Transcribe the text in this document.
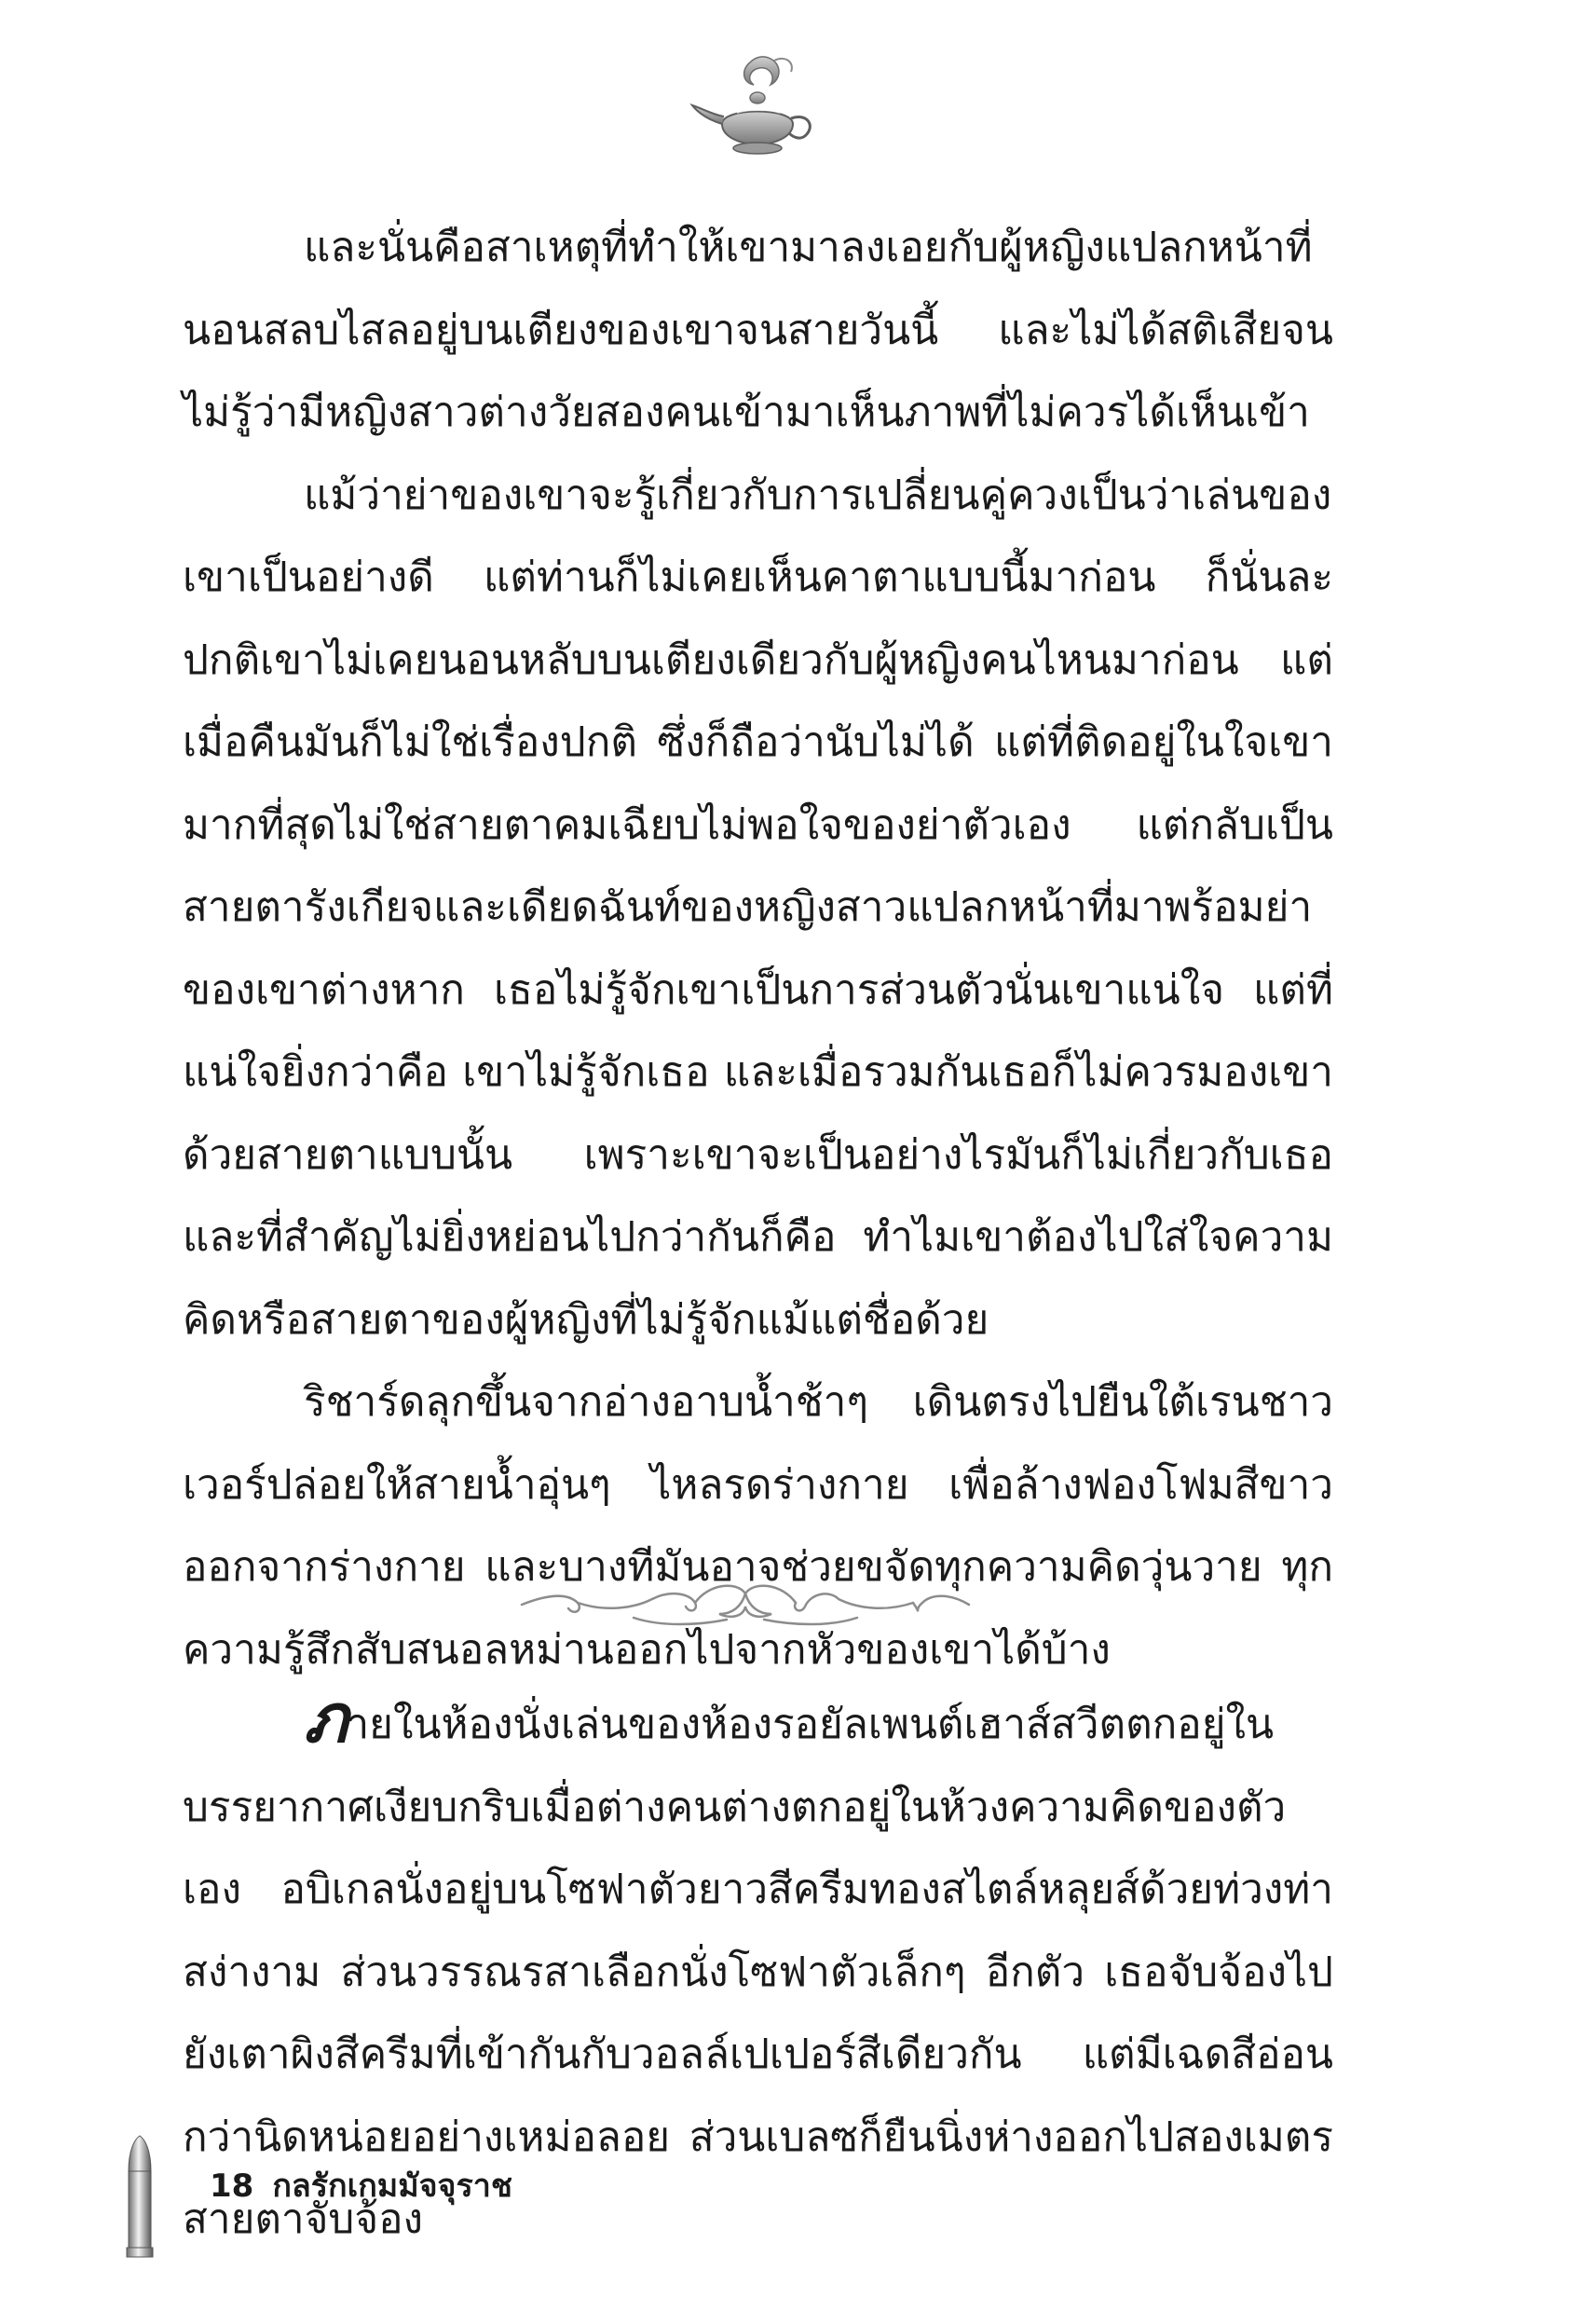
และนั่นคือสาเหตุที่ทำให้เขามาลงเอยกับผู้หญิงแปลกหน้าที่นอนสลบไสลอยู่บนเตียงของเขาจนสายวันนี้ และไม่ได้สติเสียจนไม่รู้ว่ามีหญิงสาวต่างวัยสองคนเข้ามาเห็นภาพที่ไม่ควรได้เห็นเข้า

แม้ว่าย่าของเขาจะรู้เกี่ยวกับการเปลี่ยนคู่ควงเป็นว่าเล่นของเขาเป็นอย่างดี แต่ท่านก็ไม่เคยเห็นคาตาแบบนี้มาก่อน ก็นั่นละ ปกติเขาไม่เคยนอนหลับบนเตียงเดียวกับผู้หญิงคนไหนมาก่อน แต่เมื่อคืนมันก็ไม่ใช่เรื่องปกติ ซึ่งก็ถือว่านับไม่ได้ แต่ที่ติดอยู่ในใจเขามากที่สุดไม่ใช่สายตาคมเฉียบไม่พอใจของย่าตัวเอง แต่กลับเป็นสายตารังเกียจและเดียดฉันท์ของหญิงสาวแปลกหน้าที่มาพร้อมย่าของเขาต่างหาก เธอไม่รู้จักเขาเป็นการส่วนตัวนั่นเขาแน่ใจ แต่ที่แน่ใจยิ่งกว่าคือ เขาไม่รู้จักเธอ และเมื่อรวมกันเธอก็ไม่ควรมองเขาด้วยสายตาแบบนั้น เพราะเขาจะเป็นอย่างไรมันก็ไม่เกี่ยวกับเธอ และที่สำคัญไม่ยิ่งหย่อนไปกว่ากันก็คือ ทำไมเขาต้องไปใส่ใจความคิดหรือสายตาของผู้หญิงที่ไม่รู้จักแม้แต่ชื่อด้วย

ริชาร์ดลุกขึ้นจากอ่างอาบน้ำช้าๆ เดินตรงไปยืนใต้เรนชาวเวอร์ปล่อยให้สายน้ำอุ่นๆ ไหลรดร่างกาย เพื่อล้างฟองโฟมสีขาวออกจากร่างกาย และบางทีมันอาจช่วยขจัดทุกความคิดวุ่นวาย ทุกความรู้สึกสับสนอลหม่านออกไปจากหัวของเขาได้บ้าง

ภายในห้องนั่งเล่นของห้องรอยัลเพนต์เฮาส์สวีตตกอยู่ในบรรยากาศเงียบกริบเมื่อต่างคนต่างตกอยู่ในห้วงความคิดของตัวเอง อบิเกลนั่งอยู่บนโซฟาตัวยาวสีครีมทองสไตล์หลุยส์ด้วยท่วงท่าสง่างาม ส่วนวรรณรสาเลือกนั่งโซฟาตัวเล็กๆ อีกตัว เธอจับจ้องไปยังเตาผิงสีครีมที่เข้ากันกับวอลล์เปเปอร์สีเดียวกัน แต่มีเฉดสีอ่อนกว่านิดหน่อยอย่างเหม่อลอย ส่วนเบลซก็ยืนนิ่งห่างออกไปสองเมตร สายตาจับจ้อง

18 กลรักเกมมัจจุราช
